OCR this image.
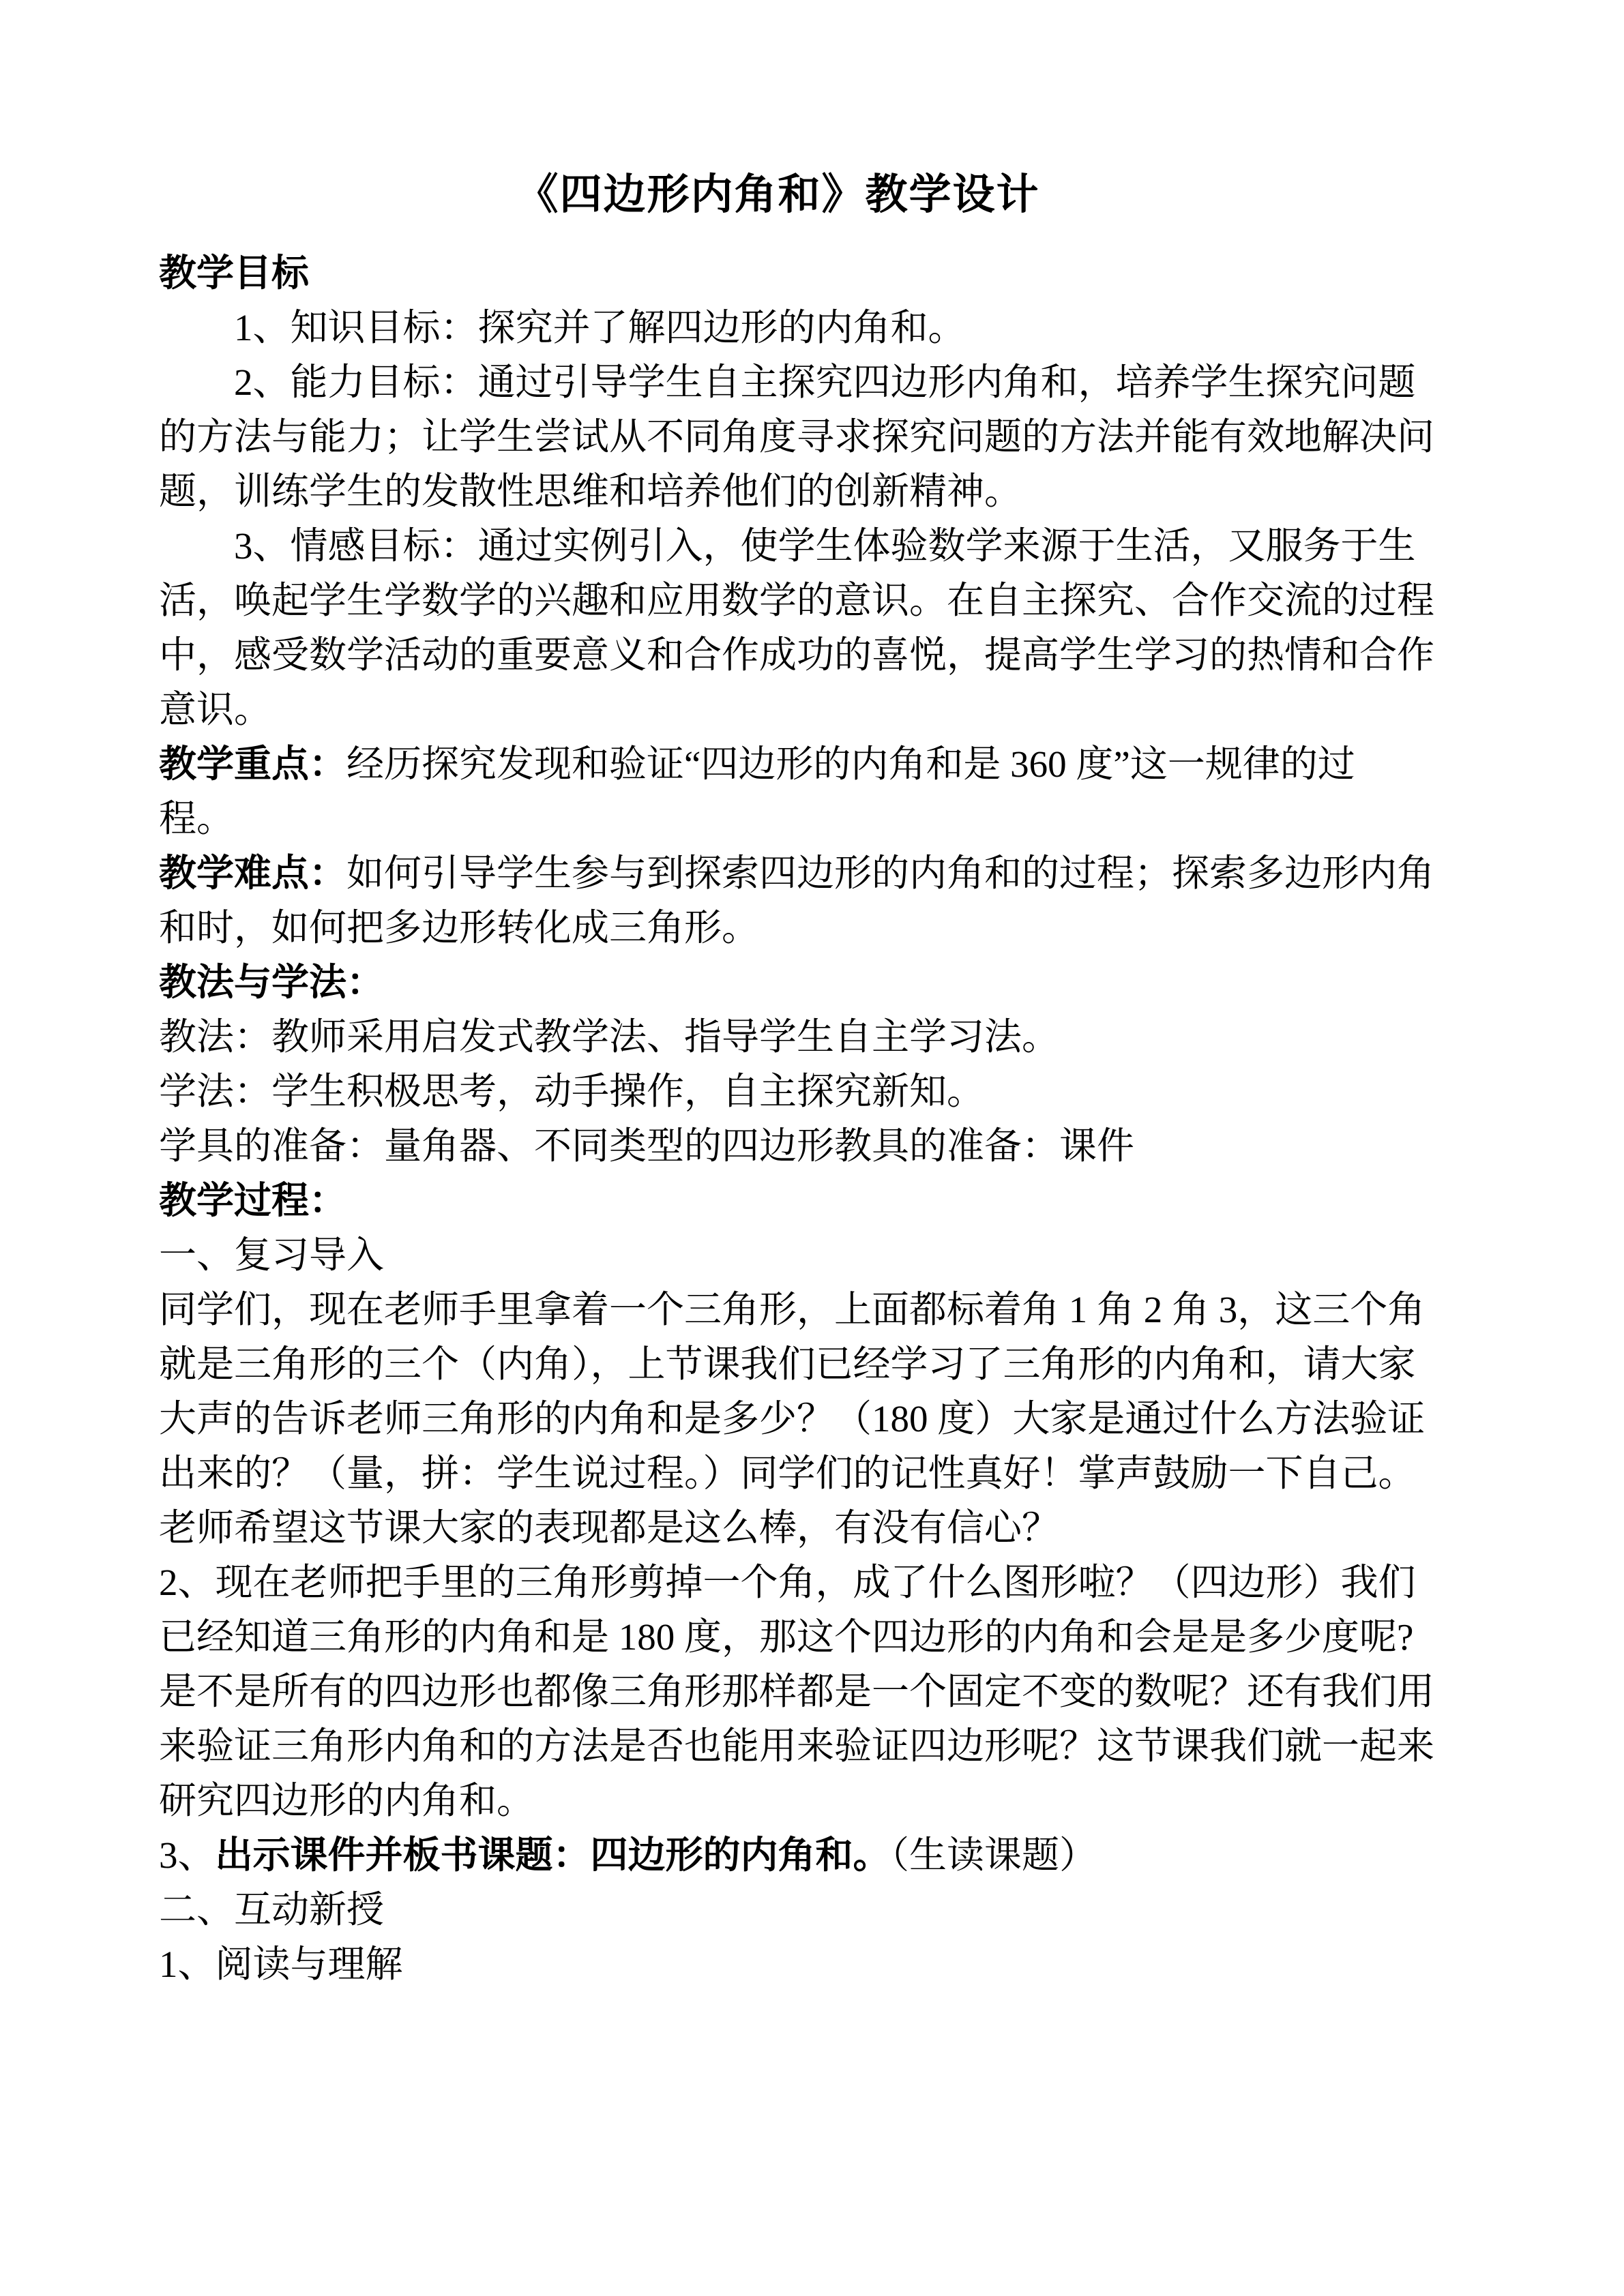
《四边形内角和》教学设计
教学目标
1、知识目标：探究并了解四边形的内角和。
2、能力目标：通过引导学生自主探究四边形内角和，培养学生探究问题
的方法与能力；让学生尝试从不同角度寻求探究问题的方法并能有效地解决问
题，训练学生的发散性思维和培养他们的创新精神。
3、情感目标：通过实例引入，使学生体验数学来源于生活，又服务于生
活，唤起学生学数学的兴趣和应用数学的意识。在自主探究、合作交流的过程
中，感受数学活动的重要意义和合作成功的喜悦，提高学生学习的热情和合作
意识。
教学重点：经历探究发现和验证“四边形的内角和是 360 度”这一规律的过
程。
教学难点：如何引导学生参与到探索四边形的内角和的过程；探索多边形内角
和时，如何把多边形转化成三角形。
教法与学法：
教法：教师采用启发式教学法、指导学生自主学习法。
学法：学生积极思考，动手操作，自主探究新知。
学具的准备：量角器、不同类型的四边形教具的准备：课件
教学过程：
一、复习导入
同学们，现在老师手里拿着一个三角形，上面都标着角 1 角 2 角 3，这三个角
就是三角形的三个（内角），上节课我们已经学习了三角形的内角和，请大家
大声的告诉老师三角形的内角和是多少？（180 度）大家是通过什么方法验证
出来的？（量，拼：学生说过程。）同学们的记性真好！掌声鼓励一下自己。
老师希望这节课大家的表现都是这么棒，有没有信心？
2、现在老师把手里的三角形剪掉一个角，成了什么图形啦？（四边形）我们
已经知道三角形的内角和是 180 度，那这个四边形的内角和会是是多少度呢?
是不是所有的四边形也都像三角形那样都是一个固定不变的数呢？还有我们用
来验证三角形内角和的方法是否也能用来验证四边形呢？这节课我们就一起来
研究四边形的内角和。
3、出示课件并板书课题：四边形的内角和。（生读课题）
二、互动新授
1、阅读与理解
